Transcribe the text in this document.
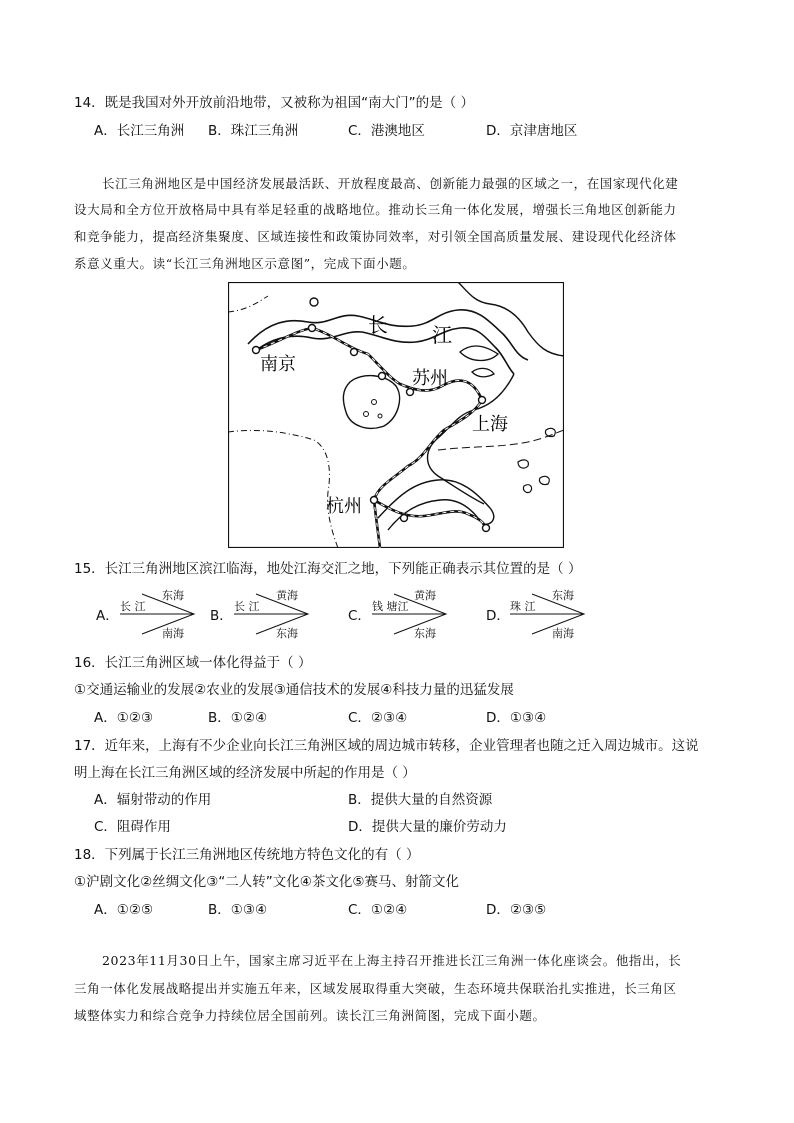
14．既是我国对外开放前沿地带，又被称为祖国“南大门”的是（ ）
A．长江三角洲 B．珠江三角洲	C．港澳地区	D．京津唐地区
长江三角洲地区是中国经济发展最活跃、开放程度最高、创新能力最强的区域之一，在国家现代化建
设大局和全方位开放格局中具有举足轻重的战略地位。推动长三角一体化发展，增强长三角地区创新能力
和竞争能力，提高经济集聚度、区域连接性和政策协同效率，对引领全国高质量发展、建设现代化经济体
系意义重大。读“长江三角洲地区示意图”，完成下面小题。
长 江
南京
苏州
上海
杭州
15．长江三角洲地区滨江临海，地处江海交汇之地，下列能正确表示其位置的是（ ）
A．
长 江
东海
南海
B．
长 江
黄海
东海
C．
钱 塘江
黄海
东海
D．
珠 江
东海
南海
16．长江三角洲区域一体化得益于（ ）
①交通运输业的发展②农业的发展③通信技术的发展④科技力量的迅猛发展
A．①②③	B．①②④	C．②③④	D．①③④
17．近年来，上海有不少企业向长江三角洲区域的周边城市转移，企业管理者也随之迁入周边城市。这说
明上海在长江三角洲区域的经济发展中所起的作用是（ ）
A．辐射带动的作用	B．提供大量的自然资源
C．阻碍作用	D．提供大量的廉价劳动力
18．下列属于长江三角洲地区传统地方特色文化的有（ ）
①沪剧文化②丝绸文化③“二人转”文化④茶文化⑤赛马、射箭文化
A．①②⑤	B．①③④	C．①②④	D．②③⑤
2023年11月30日上午，国家主席习近平在上海主持召开推进长江三角洲一体化座谈会。他指出，长
三角一体化发展战略提出并实施五年来，区域发展取得重大突破，生态环境共保联治扎实推进，长三角区
域整体实力和综合竞争力持续位居全国前列。读长江三角洲简图，完成下面小题。
